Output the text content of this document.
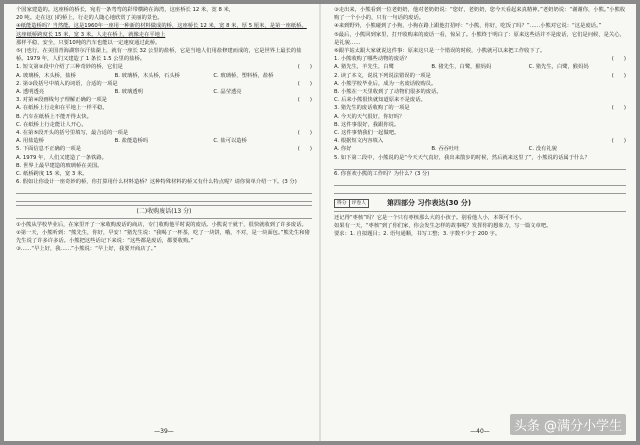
个国家建造的。这座桥的桥长，宛若一条弯弯的彩带横跨在海湾，这座桥长 12 米，宽 8 米，

20 吨。走在这( )的桥上，行走的人随心地欣赏了美丽的景色。

④纸能造桥吗？当然能。这是1960年一座用一种新的材料做成的桥，这座桥长 12 米，宽 8 米，厚 5 厘米，是第一座纸桥。这座纸桥跨度长 15 米，宽 3 米。人走在桥上，就像走在平地上

那样平稳、安全，只要10吨的汽车也能以一定速度通过此桥。

⑤( )也行，在美国青海湖察尔汗盐湖上，就有一座长 32 公里的盐桥，它是当地人们用盐修建而成的，它是世界上最长的盐桥。1979 年，人们又建造了 1 条长 1.5 公里的盐桥。

1. 短文第②段中介绍了三种奇妙的桥，它们是	(      )
A. 玻璃桥，木头桥，盐桥	B. 玻璃桥，木头桥，石头桥	C. 玻璃桥，塑料桥，盐桥
2. 第③段括号中填入的词语，合适的一项是	(      )
A. 透明透亮	B. 玻璃透明	C. 晶莹透亮
3. 对第④段画线句子理解正确的一项是	(      )

A. 在纸桥上行走和在平地上一样平稳。

B. 汽车在纸桥上不能开得太快。

C. 在纸桥上行走能让人开心。

4. 在第⑤段开头的括号里填写，最合适的一项是	(      )
A. 用盐造桥	B. 盐能造桥吗	C. 盐可以造桥
5. 下面信息不正确的一项是	(      )

A. 1979 年，人们又建造了一条铁路。

B. 世界上最早建造的玻璃桥在美国。

C. 纸桥跨度 15 米，宽 3 米。

6. 假如让你设计一座奇妙的桥，你打算用什么材料造桥？这种特殊材料的桥又有什么特点呢？请你简单介绍一下。(3 分)

(二)收购废话(13 分)

①小熊从学校毕业后，在家里开了一家收购废话的商店，专门收购他平时说的废话。小熊说干就干，很快就收到了许多废话。

②第一天，小熊听到：“熊先生，你好，早安！”猪先生说：“我喝了一杯茶，吃了一块饼，哦，不对，是一块面包。”熊先生和猪先生说了许多许多话。小熊把这些话记下来说：“这些都是废话，都要收购。”

③……“早上好，我……”小熊说：“早上好，我要开商店了。”

—39—

③走出来，小熊看到一位老奶奶，他对老奶奶说：“您好，老奶奶，您今天看起来真精神。”老奶奶说：“谢谢你，小熊。”小熊收购了一个小小的，只有一句话的废话。

④来到野外，小熊碰到了小狗，小狗在路上跟他打招呼：“小熊，你好，吃饭了吗？”……小熊对它说：“这是废话。”

⑤最后，小熊回到家里，打开收购来的废话一看，惊呆了。小熊终于明白了：原来这些话并不是废话，它们是问候，是关心，是礼貌……

⑥跟羊姑太跟大家就说这件事：原来这只是一个错误的时候，小熊就可以来把工作收下了。

1. 小熊收购了哪些动物的废话？	(      )
A. 猪先生，羊先生，白鹭	B. 猪先生，白鹭，猴妈妈	C. 猪先生，白鹭，猴妈妈
2. 读了本文，说说下列说法错误的一项是	(      )

A. 小熊学校毕业后，成为一名废话收购员。

B. 小熊在一天里收到了了动物们很多的废话。

C. 后来小熊很快就知道原来不是废话。

3. 猪先生的废话收购了的一项是	(      )

A. 今天的天气很好，你好吗？

B. 这件事很好，我跟你说。

C. 这件事情我们一起做吧。

4. 根据短文内容填入	(      )
A. 你好	B. 吞吞吐吐	C. 没有礼貌

5. 如下第二段中，小熊说的是“今天天气真好，我出来散步的时候，然后就来这里了”，小熊说的话属于什么？

6. 你喜欢小熊的工作吗？为什么？(3 分)

得分	评卷人	第四部分 习作表达(30 分)

还记得“枣核”吗？它是一个只有枣核那么大的小孩子。别看他人小，本领可不小。

如果有一天，“枣核”到了你们家，你会发生怎样的故事呢？发挥你的想象力，写一篇文章吧。

要求：1. 自拟题目；2. 语句通顺，书写工整；3. 字数不少于 200 字。

—40—	头条 @满分小学生
